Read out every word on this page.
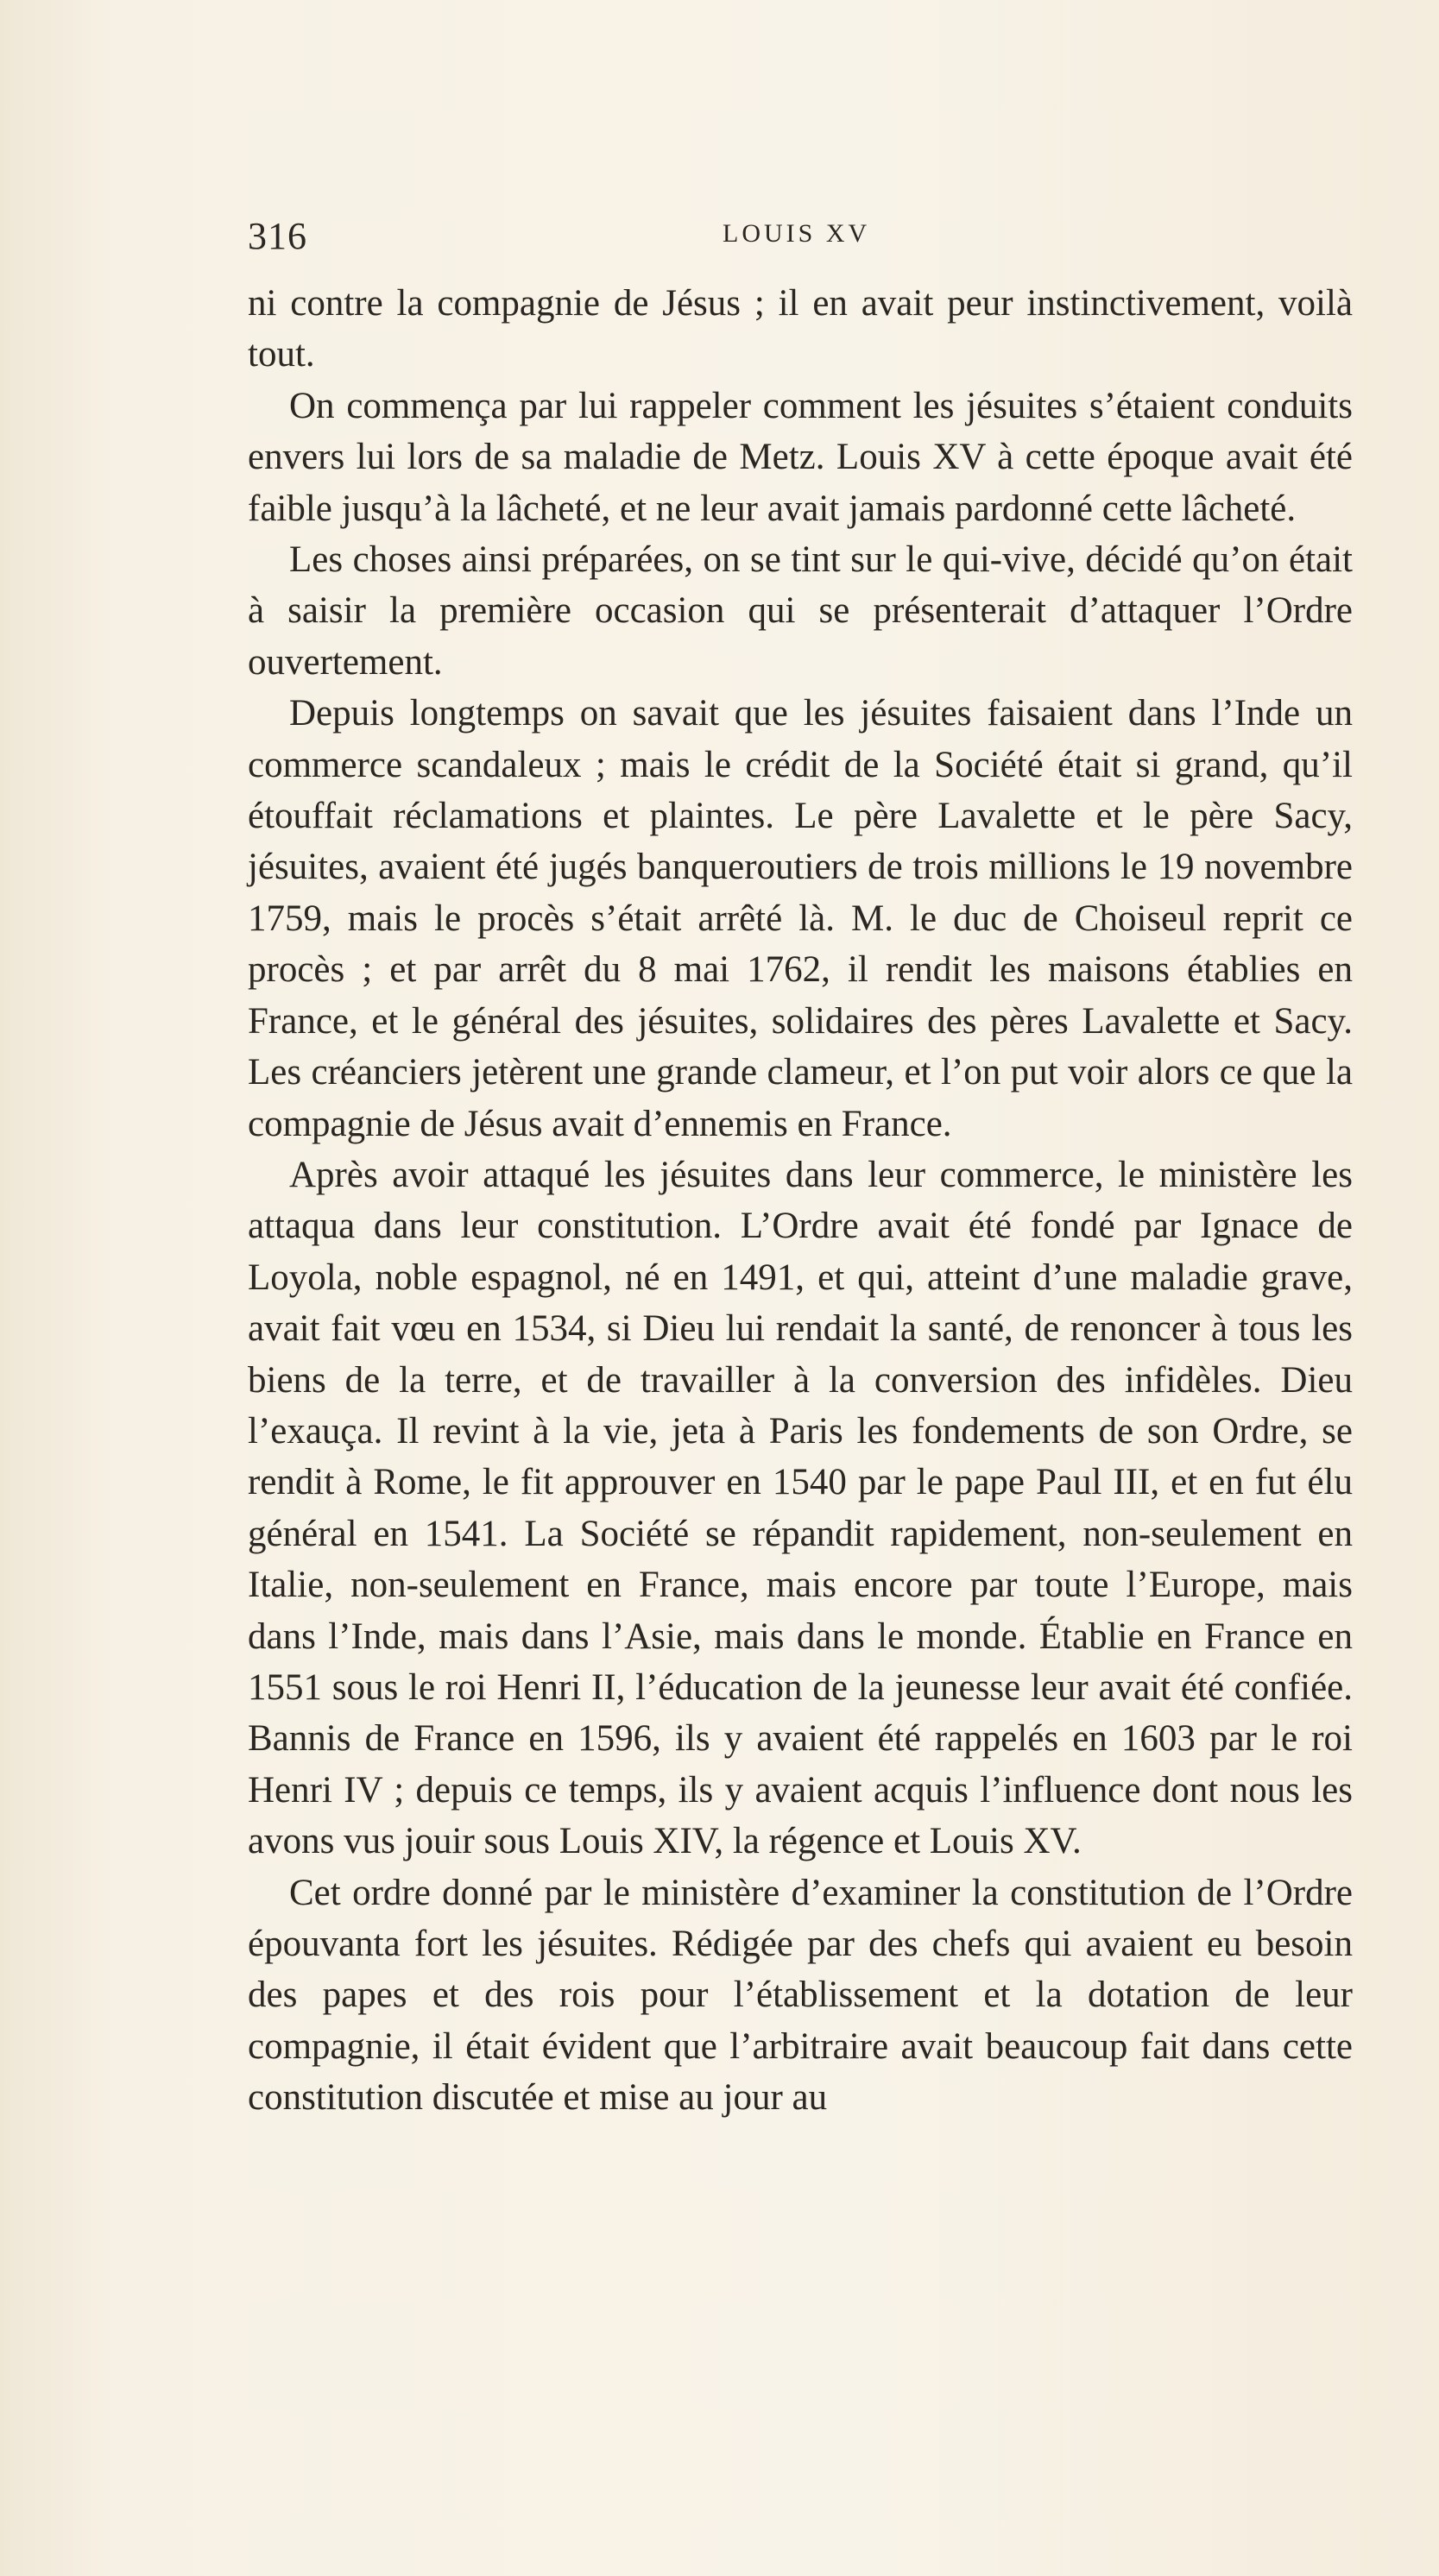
316	LOUIS XV

ni contre la compagnie de Jésus ; il en avait peur instinctivement, voilà tout.

On commença par lui rappeler comment les jésuites s’étaient conduits envers lui lors de sa maladie de Metz. Louis XV à cette époque avait été faible jusqu’à la lâcheté, et ne leur avait jamais pardonné cette lâcheté.

Les choses ainsi préparées, on se tint sur le qui-vive, décidé qu’on était à saisir la première occasion qui se présenterait d’attaquer l’Ordre ouvertement.

Depuis longtemps on savait que les jésuites faisaient dans l’Inde un commerce scandaleux ; mais le crédit de la Société était si grand, qu’il étouffait réclamations et plaintes. Le père Lavalette et le père Sacy, jésuites, avaient été jugés banqueroutiers de trois millions le 19 novembre 1759, mais le procès s’était arrêté là. M. le duc de Choiseul reprit ce procès ; et par arrêt du 8 mai 1762, il rendit les maisons établies en France, et le général des jésuites, solidaires des pères Lavalette et Sacy. Les créanciers jetèrent une grande clameur, et l’on put voir alors ce que la compagnie de Jésus avait d’ennemis en France.

Après avoir attaqué les jésuites dans leur commerce, le ministère les attaqua dans leur constitution. L’Ordre avait été fondé par Ignace de Loyola, noble espagnol, né en 1491, et qui, atteint d’une maladie grave, avait fait vœu en 1534, si Dieu lui rendait la santé, de renoncer à tous les biens de la terre, et de travailler à la conversion des infidèles. Dieu l’exauça. Il revint à la vie, jeta à Paris les fondements de son Ordre, se rendit à Rome, le fit approuver en 1540 par le pape Paul III, et en fut élu général en 1541. La Société se répandit rapidement, non-seulement en Italie, non-seulement en France, mais encore par toute l’Europe, mais dans l’Inde, mais dans l’Asie, mais dans le monde. Établie en France en 1551 sous le roi Henri II, l’éducation de la jeunesse leur avait été confiée. Bannis de France en 1596, ils y avaient été rappelés en 1603 par le roi Henri IV ; depuis ce temps, ils y avaient acquis l’influence dont nous les avons vus jouir sous Louis XIV, la régence et Louis XV.

Cet ordre donné par le ministère d’examiner la constitution de l’Ordre épouvanta fort les jésuites. Rédigée par des chefs qui avaient eu besoin des papes et des rois pour l’établissement et la dotation de leur compagnie, il était évident que l’arbitraire avait beaucoup fait dans cette constitution discutée et mise au jour au
